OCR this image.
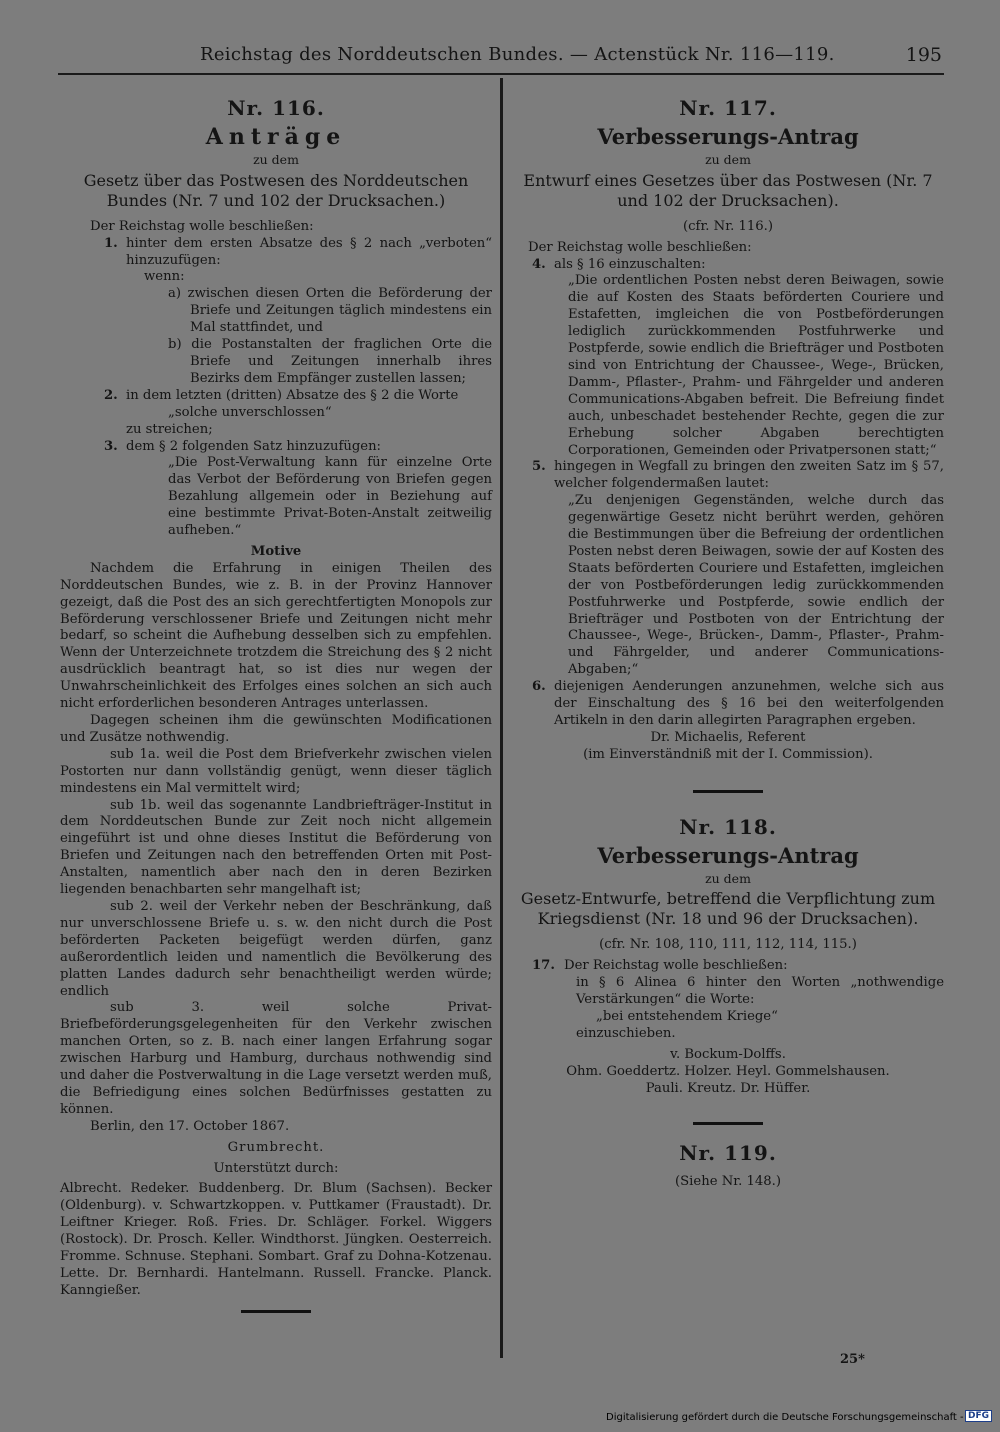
Reichstag des Norddeutschen Bundes. — Actenstück Nr. 116—119.	195
Nr. 116.
Anträge
zu dem
Gesetz über das Postwesen des Norddeutschen Bundes (Nr. 7 und 102 der Drucksachen.)

Der Reichstag wolle beschließen:

1. hinter dem ersten Absatze des § 2 nach „verboten“ hinzuzufügen:

wenn:

a) zwischen diesen Orten die Beförderung der Briefe und Zeitungen täglich mindestens ein Mal stattfindet, und

b) die Postanstalten der fraglichen Orte die Briefe und Zeitungen innerhalb ihres Bezirks dem Empfänger zustellen lassen;

2. in dem letzten (dritten) Absatze des § 2 die Worte

„solche unverschlossen“

zu streichen;

3. dem § 2 folgenden Satz hinzuzufügen:

„Die Post-Verwaltung kann für einzelne Orte das Verbot der Beförderung von Briefen gegen Bezahlung allgemein oder in Beziehung auf eine bestimmte Privat-Boten-Anstalt zeitweilig aufheben.“

Motive

Nachdem die Erfahrung in einigen Theilen des Norddeutschen Bundes, wie z. B. in der Provinz Hannover gezeigt, daß die Post des an sich gerechtfertigten Monopols zur Beförderung verschlossener Briefe und Zeitungen nicht mehr bedarf, so scheint die Aufhebung desselben sich zu empfehlen. Wenn der Unterzeichnete trotzdem die Streichung des § 2 nicht ausdrücklich beantragt hat, so ist dies nur wegen der Unwahrscheinlichkeit des Erfolges eines solchen an sich auch nicht erforderlichen besonderen Antrages unterlassen.

Dagegen scheinen ihm die gewünschten Modificationen und Zusätze nothwendig.

sub 1a. weil die Post dem Briefverkehr zwischen vielen Postorten nur dann vollständig genügt, wenn dieser täglich mindestens ein Mal vermittelt wird;

sub 1b. weil das sogenannte Landbriefträger-Institut in dem Norddeutschen Bunde zur Zeit noch nicht allgemein eingeführt ist und ohne dieses Institut die Beförderung von Briefen und Zeitungen nach den betreffenden Orten mit Post-Anstalten, namentlich aber nach den in deren Bezirken liegenden benachbarten sehr mangelhaft ist;

sub 2. weil der Verkehr neben der Beschränkung, daß nur unverschlossene Briefe u. s. w. den nicht durch die Post beförderten Packeten beigefügt werden dürfen, ganz außerordentlich leiden und namentlich die Bevölkerung des platten Landes dadurch sehr benachtheiligt werden würde; endlich

sub 3. weil solche Privat-Briefbeförderungsgelegenheiten für den Verkehr zwischen manchen Orten, so z. B. nach einer langen Erfahrung sogar zwischen Harburg und Hamburg, durchaus nothwendig sind und daher die Postverwaltung in die Lage versetzt werden muß, die Befriedigung eines solchen Bedürfnisses gestatten zu können.

Berlin, den 17. October 1867.

Grumbrecht.

Unterstützt durch:

Albrecht. Redeker. Buddenberg. Dr. Blum (Sachsen). Becker (Oldenburg). v. Schwartzkoppen. v. Puttkamer (Fraustadt). Dr. Leiftner Krieger. Roß. Fries. Dr. Schläger. Forkel. Wiggers (Rostock). Dr. Prosch. Keller. Windthorst. Jüngken. Oesterreich. Fromme. Schnuse. Stephani. Sombart. Graf zu Dohna-Kotzenau. Lette. Dr. Bernhardi. Hantelmann. Russell. Francke. Planck. Kanngießer.

Nr. 117.
Verbesserungs-Antrag
zu dem
Entwurf eines Gesetzes über das Postwesen (Nr. 7 und 102 der Drucksachen).
(cfr. Nr. 116.)

Der Reichstag wolle beschließen:

4. als § 16 einzuschalten:

„Die ordentlichen Posten nebst deren Beiwagen, sowie die auf Kosten des Staats beförderten Couriere und Estafetten, imgleichen die von Postbeförderungen lediglich zurückkommenden Postfuhrwerke und Postpferde, sowie endlich die Briefträger und Postboten sind von Entrichtung der Chaussee-, Wege-, Brücken, Damm-, Pflaster-, Prahm- und Fährgelder und anderen Communications-Abgaben befreit. Die Befreiung findet auch, unbeschadet bestehender Rechte, gegen die zur Erhebung solcher Abgaben berechtigten Corporationen, Gemeinden oder Privatpersonen statt;“

5. hingegen in Wegfall zu bringen den zweiten Satz im § 57, welcher folgendermaßen lautet:

„Zu denjenigen Gegenständen, welche durch das gegenwärtige Gesetz nicht berührt werden, gehören die Bestimmungen über die Befreiung der ordentlichen Posten nebst deren Beiwagen, sowie der auf Kosten des Staats beförderten Couriere und Estafetten, imgleichen der von Postbeförderungen ledig zurückkommenden Postfuhrwerke und Postpferde, sowie endlich der Briefträger und Postboten von der Entrichtung der Chaussee-, Wege-, Brücken-, Damm-, Pflaster-, Prahm- und Fährgelder, und anderer Communications-Abgaben;“

6. diejenigen Aenderungen anzunehmen, welche sich aus der Einschaltung des § 16 bei den weiterfolgenden Artikeln in den darin allegirten Paragraphen ergeben.

Dr. Michaelis, Referent

(im Einverständniß mit der I. Commission).

Nr. 118.
Verbesserungs-Antrag
zu dem
Gesetz-Entwurfe, betreffend die Verpflichtung zum Kriegsdienst (Nr. 18 und 96 der Drucksachen).
(cfr. Nr. 108, 110, 111, 112, 114, 115.)
17. Der Reichstag wolle beschließen:

in § 6 Alinea 6 hinter den Worten „nothwendige Verstärkungen“ die Worte:

„bei entstehendem Kriege“

einzuschieben.

v. Bockum-Dolffs.

Ohm. Goeddertz. Holzer. Heyl. Gommelshausen.

Pauli. Kreutz. Dr. Hüffer.

Nr. 119.
(Siehe Nr. 148.)
25*
Digitalisierung gefördert durch die Deutsche Forschungsgemeinschaft - DFG
